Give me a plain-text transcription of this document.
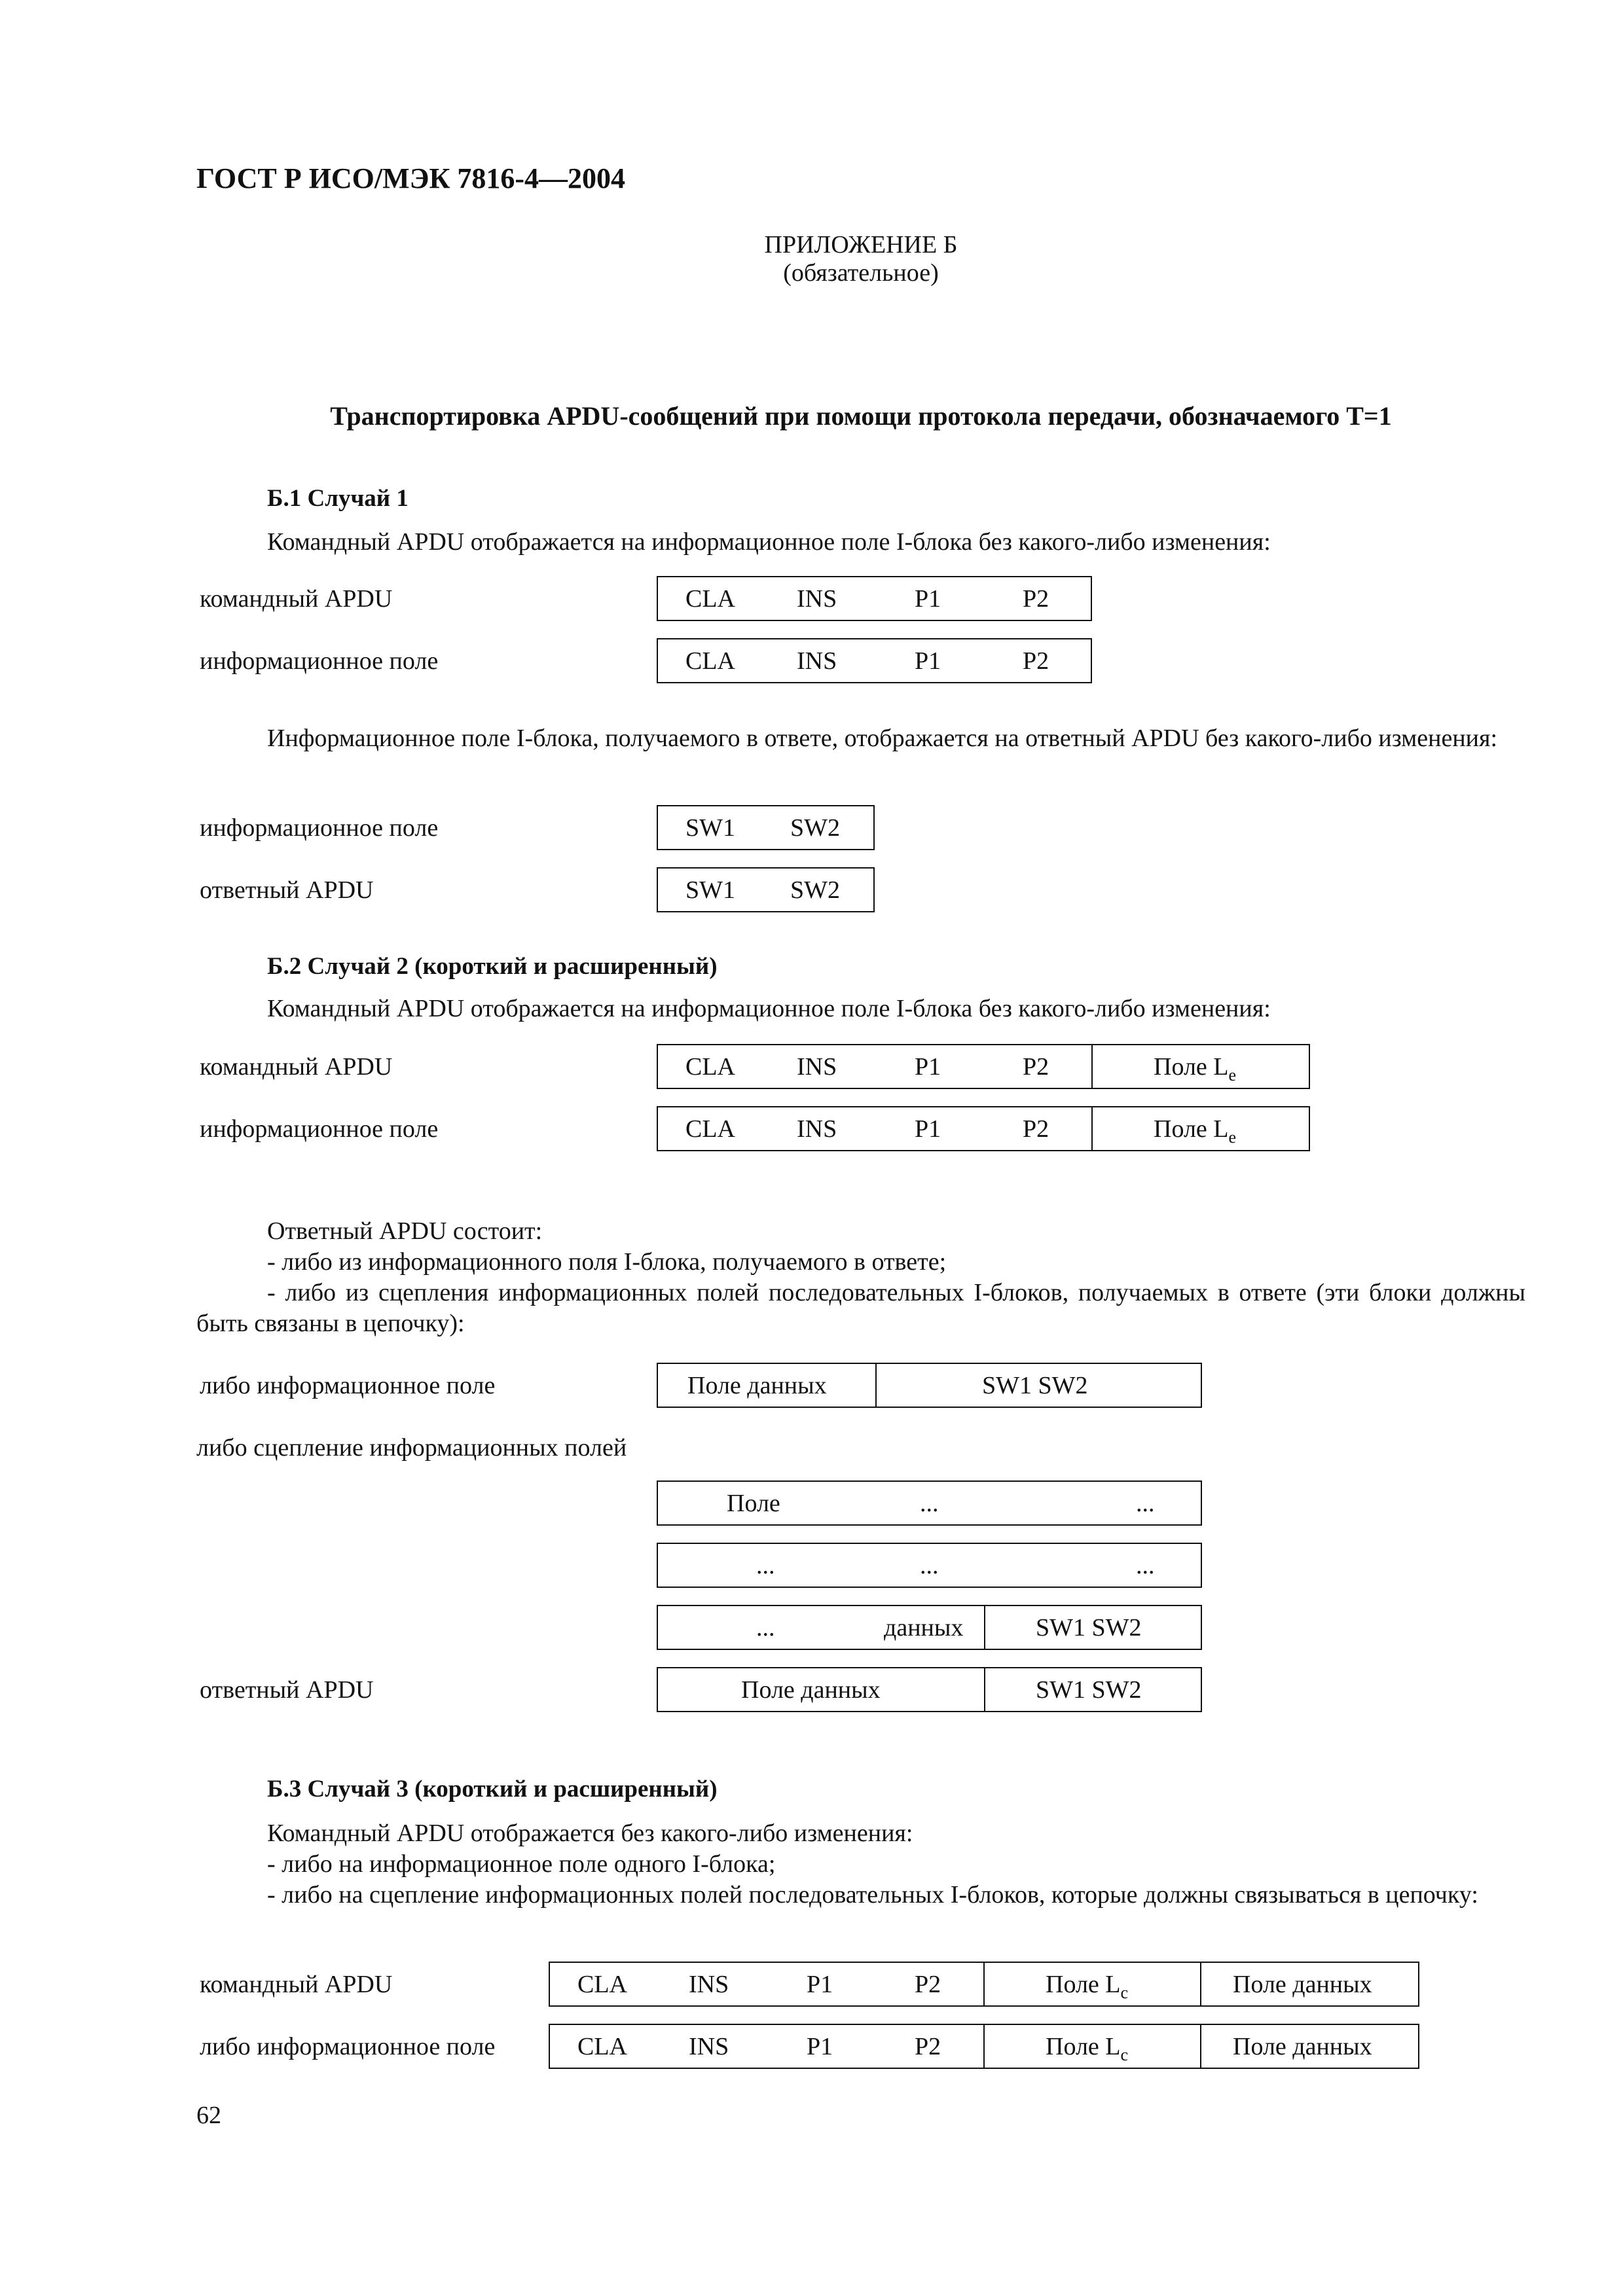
ГОСТ Р ИСО/МЭК 7816-4—2004
ПРИЛОЖЕНИЕ Б
(обязательное)
Транспортировка APDU-сообщений при помощи протокола передачи, обозначаемого T=1
Б.1 Случай 1
Командный APDU отображается на информационное поле I-блока без какого-либо изменения:
командный APDU	CLA INS	P1	P2
информационное поле	CLA INS	P1	P2
Информационное поле I-блока, получаемого в ответе, отображается на ответный APDU без какого-либо изменения:
информационное поле	SW1 SW2
ответный APDU	SW1 SW2
Б.2 Случай 2 (короткий и расширенный)
Командный APDU отображается на информационное поле I-блока без какого-либо изменения:
командный APDU	CLA INS	P1	P2	Поле $L_e$
информационное поле	CLA INS	P1	P2	Поле $L_e$
Ответный APDU состоит:
- либо из информационного поля I-блока, получаемого в ответе;
- либо из сцепления информационных полей последовательных I-блоков, получаемых в ответе (эти блоки должны быть связаны в цепочку):
либо информационное поле	Поле данных	SW1 SW2
либо сцепление информационных полей
Поле	...	...
...	...	...
...	данных	SW1 SW2
ответный APDU	Поле данных	SW1 SW2
Б.3 Случай 3 (короткий и расширенный)
Командный APDU отображается без какого-либо изменения:
- либо на информационное поле одного I-блока;
- либо на сцепление информационных полей последовательных I-блоков, которые должны связываться в цепочку:
командный APDU	CLA INS	P1	P2	Поле $L_c$	Поле данных
либо информационное поле	CLA INS	P1	P2	Поле $L_c$	Поле данных
62
